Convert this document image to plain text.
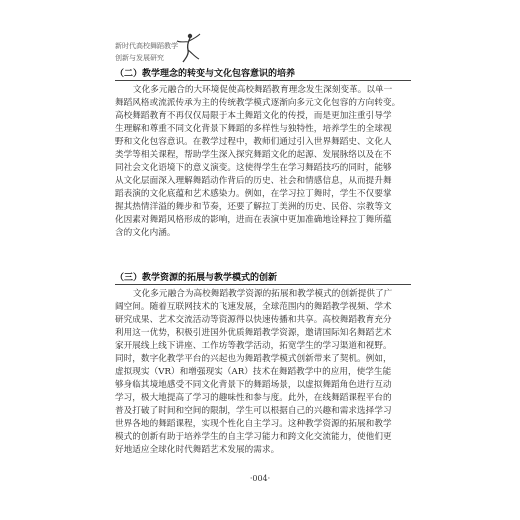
新时代高校舞蹈教学
创新与发展研究
（二）教学理念的转变与文化包容意识的培养
文化多元融合的大环境促使高校舞蹈教育理念发生深刻变革。以单一
舞蹈风格或流派传承为主的传统教学模式逐渐向多元文化包容的方向转变。
高校舞蹈教育不再仅仅局限于本土舞蹈文化的传授，而是更加注重引导学
生理解和尊重不同文化背景下舞蹈的多样性与独特性，培养学生的全球视
野和文化包容意识。在教学过程中，教师们通过引入世界舞蹈史、文化人
类学等相关课程，帮助学生深入探究舞蹈文化的起源、发展脉络以及在不
同社会文化语境下的意义演变。这使得学生在学习舞蹈技巧的同时，能够
从文化层面深入理解舞蹈动作背后的历史、社会和情感信息，从而提升舞
蹈表演的文化底蕴和艺术感染力。例如，在学习拉丁舞时，学生不仅要掌
握其热情洋溢的舞步和节奏，还要了解拉丁美洲的历史、民俗、宗教等文
化因素对舞蹈风格形成的影响，进而在表演中更加准确地诠释拉丁舞所蕴
含的文化内涵。
（三）教学资源的拓展与教学模式的创新
文化多元融合为高校舞蹈教学资源的拓展和教学模式的创新提供了广
阔空间。随着互联网技术的飞速发展，全球范围内的舞蹈教学视频、学术
研究成果、艺术交流活动等资源得以快速传播和共享。高校舞蹈教育充分
利用这一优势，积极引进国外优质舞蹈教学资源，邀请国际知名舞蹈艺术
家开展线上线下讲座、工作坊等教学活动，拓宽学生的学习渠道和视野。
同时，数字化教学平台的兴起也为舞蹈教学模式创新带来了契机。例如，
虚拟现实（VR）和增强现实（AR）技术在舞蹈教学中的应用，使学生能
够身临其境地感受不同文化背景下的舞蹈场景，以虚拟舞蹈角色进行互动
学习，极大地提高了学习的趣味性和参与度。此外，在线舞蹈课程平台的
普及打破了时间和空间的限制，学生可以根据自己的兴趣和需求选择学习
世界各地的舞蹈课程，实现个性化自主学习。这种教学资源的拓展和教学
模式的创新有助于培养学生的自主学习能力和跨文化交流能力，使他们更
好地适应全球化时代舞蹈艺术发展的需求。
·004·
